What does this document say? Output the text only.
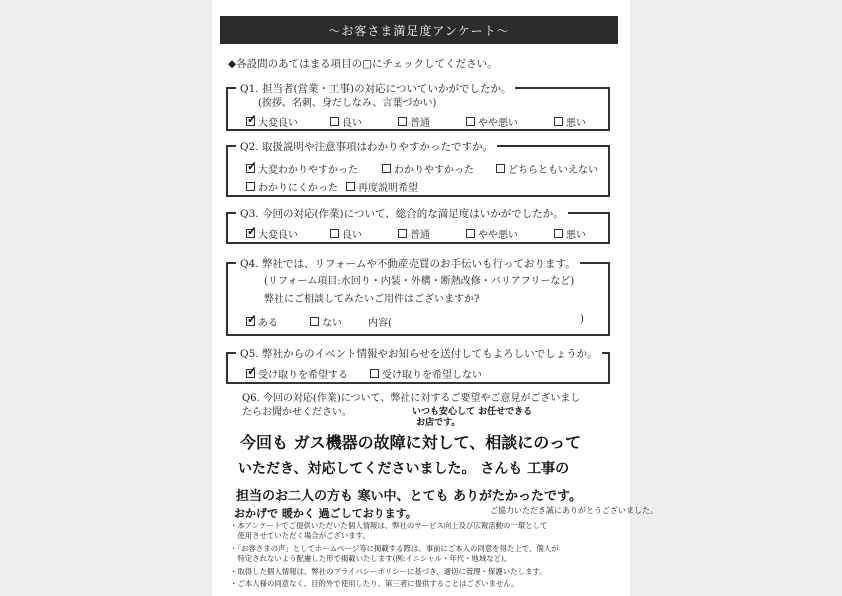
〜お客さま満足度アンケート〜
◆各設問のあてはまる項目の□にチェックしてください。
Q1. 担当者(営業・工事)の対応についていかがでしたか。
(挨拶、名刺、身だしなみ、言葉づかい)
✓
大変良い	良い	普通	やや悪い	悪い
Q2. 取扱説明や注意事項はわかりやすかったですか。
✓
大変わかりやすかった	わかりやすかった	どちらともいえない
わかりにくかった 再度説明希望
Q3. 今回の対応(作業)について、総合的な満足度はいかがでしたか。
✓
大変良い	良い	普通	やや悪い	悪い
Q4. 弊社では、リフォームや不動産売買のお手伝いも行っております。
(リフォーム項目:水回り・内装・外構・断熱改修・バリアフリーなど)
弊社にご相談してみたいご用件はございますか?
✓
ある	ない	内容(	)
Q5. 弊社からのイベント情報やお知らせを送付してもよろしいでしょうか。
✓
受け取りを希望する	受け取りを希望しない
Q6. 今回の対応(作業)について、弊社に対するご要望やご意見がございましたらお聞かせください。	いつも安心して お任せできる
お店です。
今回も ガス機器の故障に対して、相談にのって
いただき、対応してくださいました。 さんも 工事の
担当のお二人の方も 寒い中、とても ありがたかったです。
おかげで 暖かく 過ごしております。	ご協力いただき誠にありがとうございました。
・本アンケートでご提供いただいた個人情報は、弊社のサービス向上及び広報活動の一環として
　使用させていただく場合がございます。
・「お客さまの声」としてホームページ等に掲載する際は、事前にご本人の同意を得た上で、個人が
　特定されないよう配慮した形で掲載いたします(例:イニシャル・年代・地域など)。
・取得した個人情報は、弊社のプライバシーポリシーに基づき、適切に管理・保護いたします。
・ご本人様の同意なく、目的外で使用したり、第三者に提供することはございません。
